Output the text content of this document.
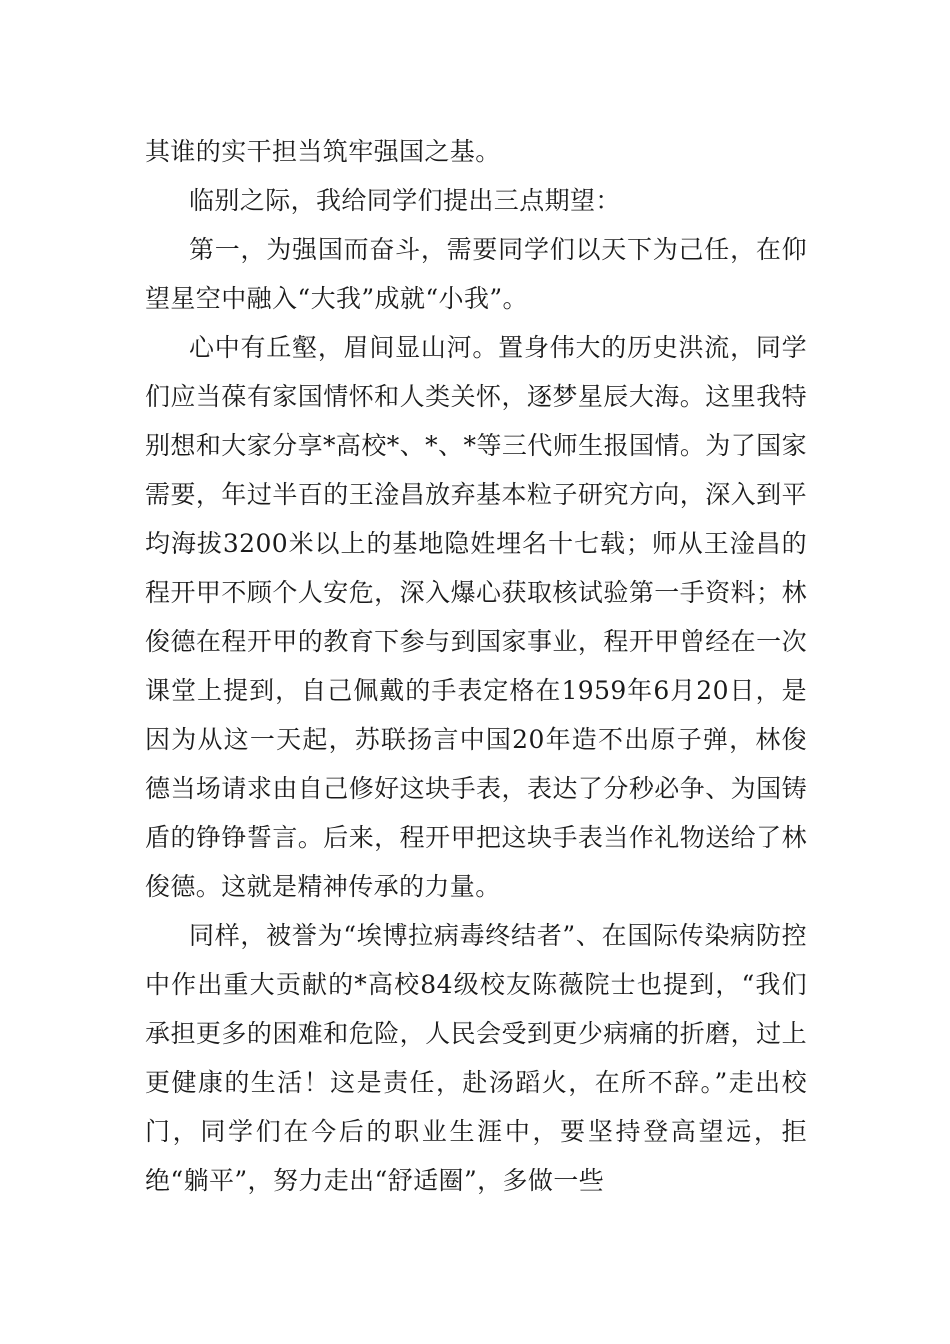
其谁的实干担当筑牢强国之基。

临别之际，我给同学们提出三点期望：

第一，为强国而奋斗，需要同学们以天下为己任，在仰望星空中融入“大我”成就“小我”。

心中有丘壑，眉间显山河。置身伟大的历史洪流，同学们应当葆有家国情怀和人类关怀，逐梦星辰大海。这里我特别想和大家分享*高校*、*、*等三代师生报国情。为了国家需要，年过半百的王淦昌放弃基本粒子研究方向，深入到平均海拔3200米以上的基地隐姓埋名十七载；师从王淦昌的程开甲不顾个人安危，深入爆心获取核试验第一手资料；林俊德在程开甲的教育下参与到国家事业，程开甲曾经在一次课堂上提到，自己佩戴的手表定格在1959年6月20日，是因为从这一天起，苏联扬言中国20年造不出原子弹，林俊德当场请求由自己修好这块手表，表达了分秒必争、为国铸盾的铮铮誓言。后来，程开甲把这块手表当作礼物送给了林俊德。这就是精神传承的力量。

同样，被誉为“埃博拉病毒终结者”、在国际传染病防控中作出重大贡献的*高校84级校友陈薇院士也提到，“我们承担更多的困难和危险，人民会受到更少病痛的折磨，过上更健康的生活！这是责任，赴汤蹈火，在所不辞。”走出校门，同学们在今后的职业生涯中，要坚持登高望远，拒绝“躺平”，努力走出“舒适圈”，多做一些
